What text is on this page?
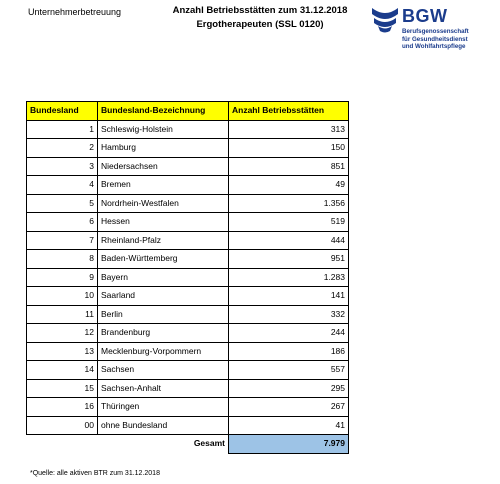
Unternehmerbetreuung	Anzahl Betriebsstätten zum 31.12.2018
Ergotherapeuten (SSL 0120)	BGW
Berufsgenossenschaft
für Gesundheitsdienst
und Wohlfahrtspflege
Bundesland	Bundesland-Bezeichnung	Anzahl Betriebsstätten
1	Schleswig-Holstein	313
2	Hamburg	150
3	Niedersachsen	851
4	Bremen	49
5	Nordrhein-Westfalen	1.356
6	Hessen	519
7	Rheinland-Pfalz	444
8	Baden-Württemberg	951
9	Bayern	1.283
10	Saarland	141
11	Berlin	332
12	Brandenburg	244
13	Mecklenburg-Vorpommern	186
14	Sachsen	557
15	Sachsen-Anhalt	295
16	Thüringen	267
00	ohne Bundesland	41
	Gesamt	7.979
*Quelle: alle aktiven BTR zum 31.12.2018
